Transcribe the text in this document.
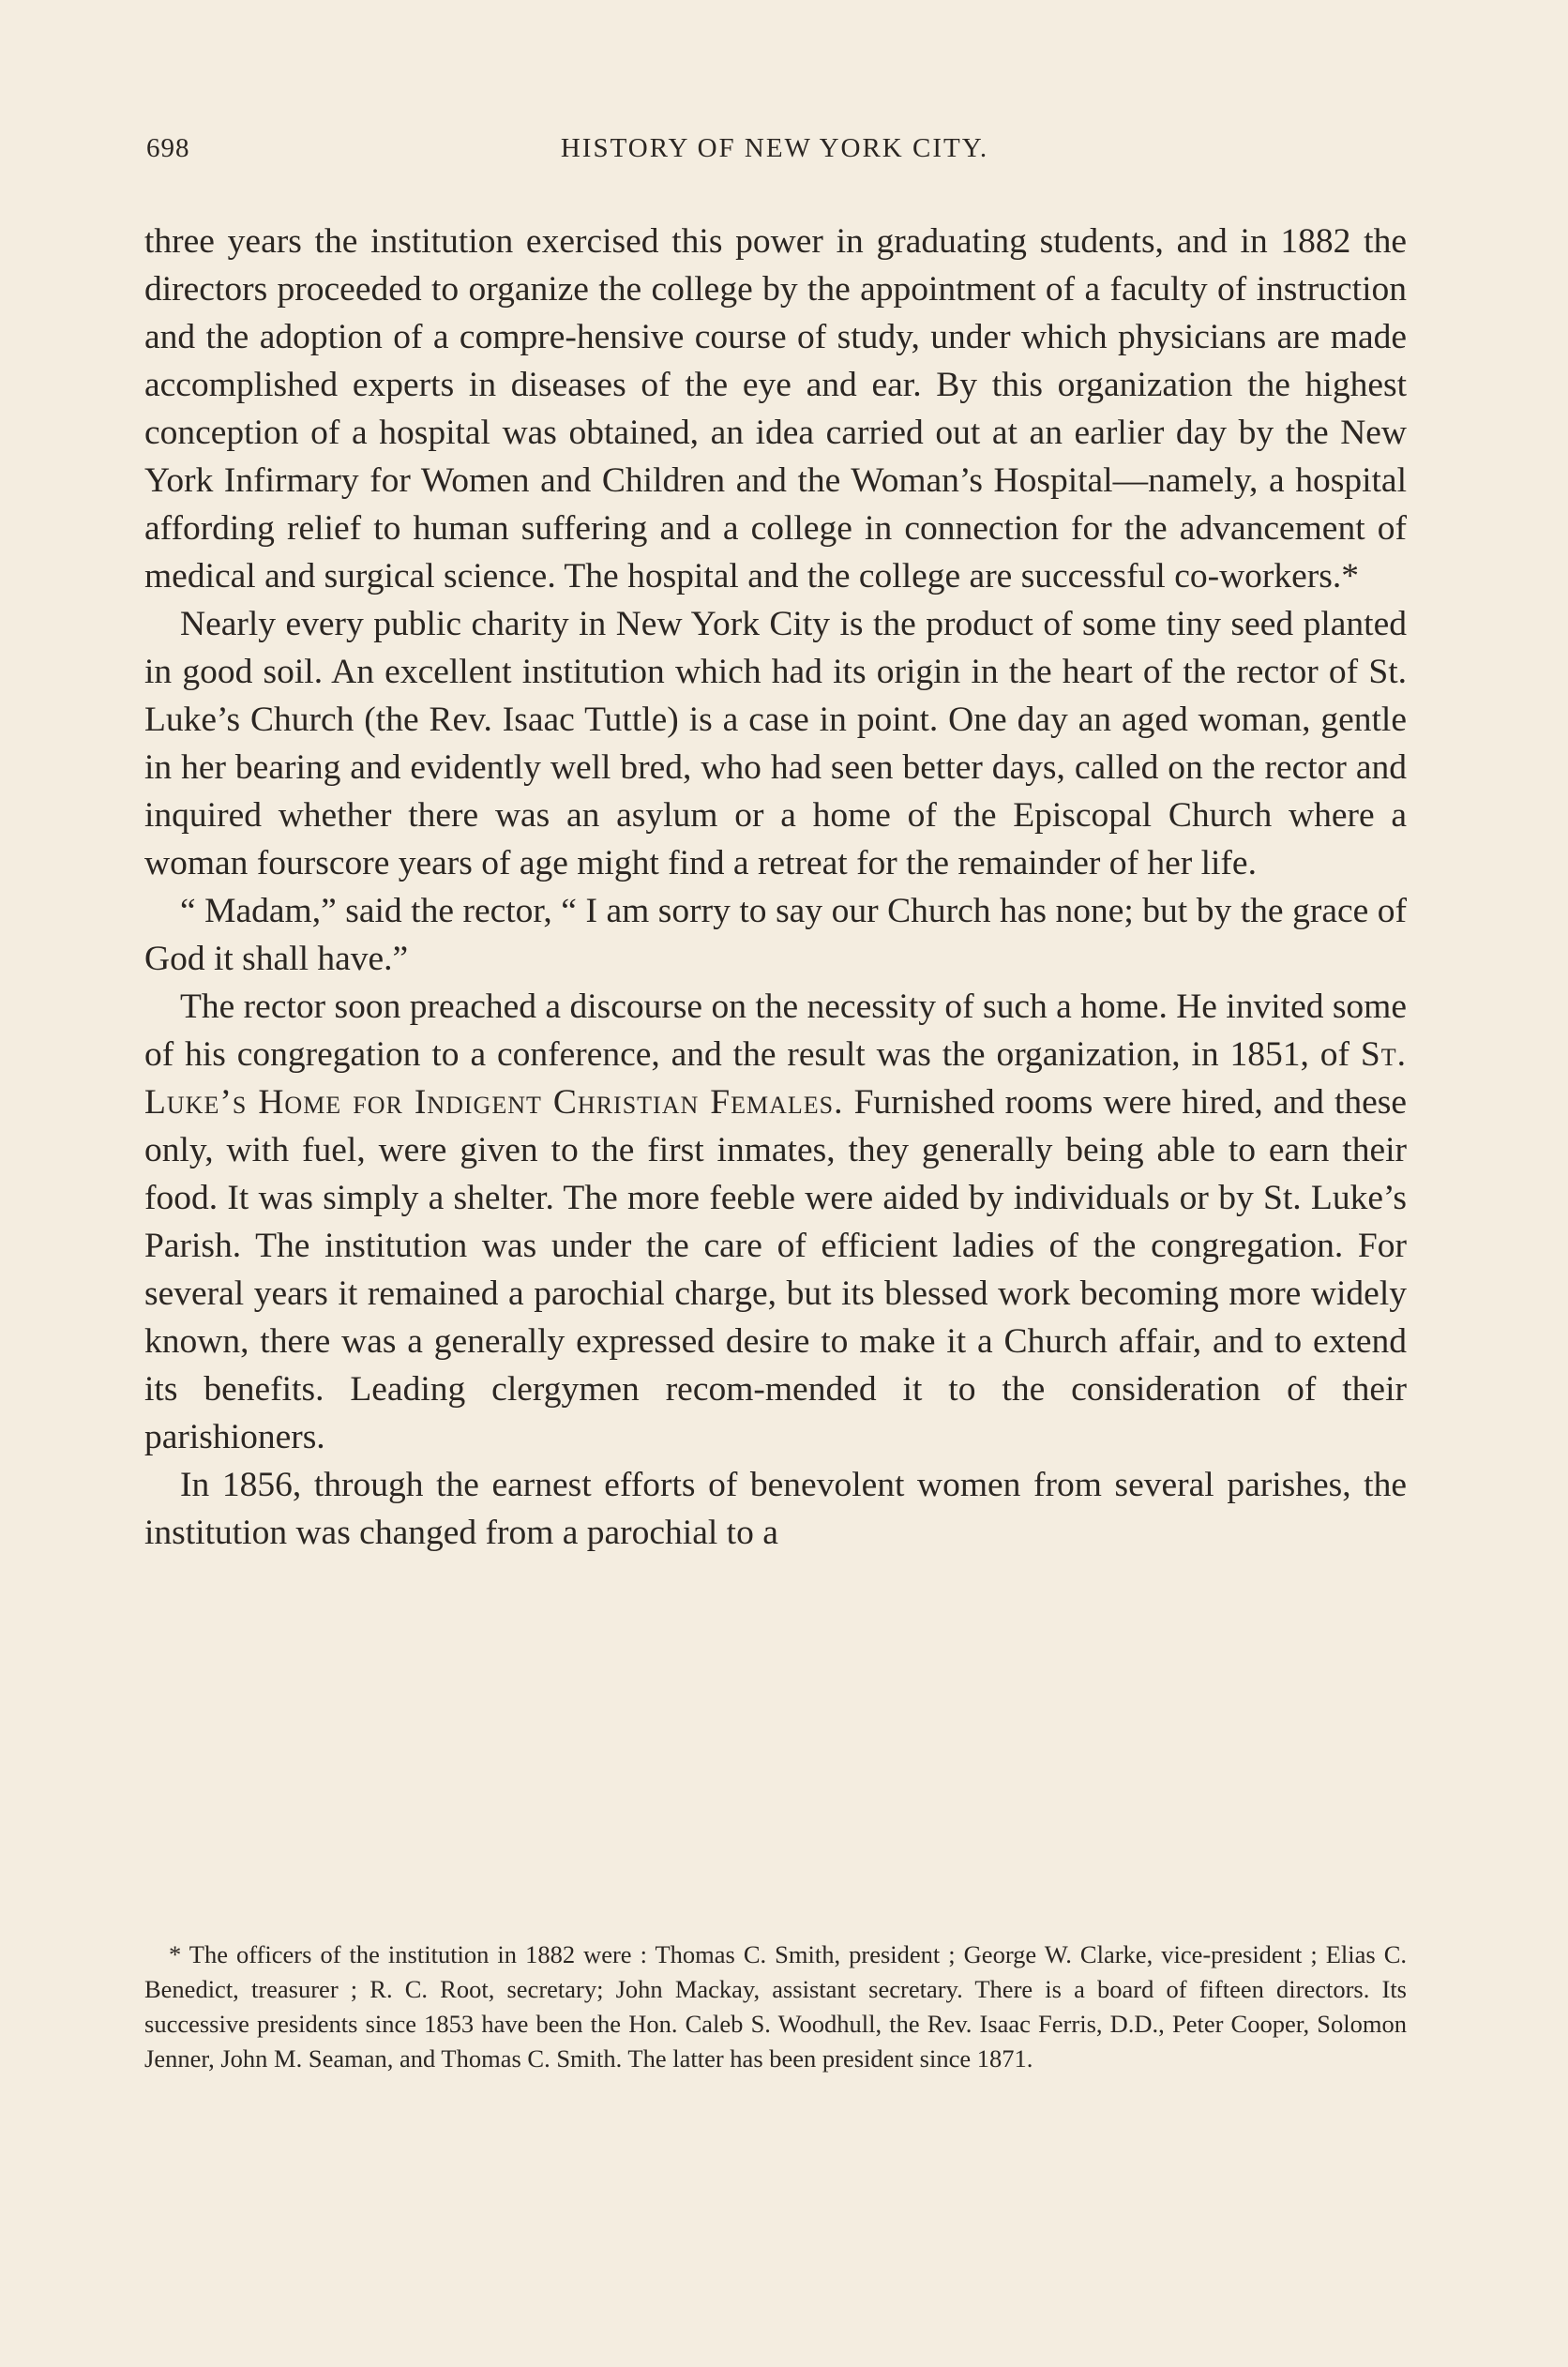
698	HISTORY OF NEW YORK CITY.

three years the institution exercised this power in graduating students, and in 1882 the directors proceeded to organize the college by the appointment of a faculty of instruction and the adoption of a compre-hensive course of study, under which physicians are made accomplished experts in diseases of the eye and ear. By this organization the highest conception of a hospital was obtained, an idea carried out at an earlier day by the New York Infirmary for Women and Children and the Woman’s Hospital—namely, a hospital affording relief to human suffering and a college in connection for the advancement of medical and surgical science. The hospital and the college are successful co-workers.*

Nearly every public charity in New York City is the product of some tiny seed planted in good soil. An excellent institution which had its origin in the heart of the rector of St. Luke’s Church (the Rev. Isaac Tuttle) is a case in point. One day an aged woman, gentle in her bearing and evidently well bred, who had seen better days, called on the rector and inquired whether there was an asylum or a home of the Episcopal Church where a woman fourscore years of age might find a retreat for the remainder of her life.

“ Madam,” said the rector, “ I am sorry to say our Church has none; but by the grace of God it shall have.”

The rector soon preached a discourse on the necessity of such a home. He invited some of his congregation to a conference, and the result was the organization, in 1851, of St. Luke’s Home for Indigent Christian Females. Furnished rooms were hired, and these only, with fuel, were given to the first inmates, they generally being able to earn their food. It was simply a shelter. The more feeble were aided by individuals or by St. Luke’s Parish. The institution was under the care of efficient ladies of the congregation. For several years it remained a parochial charge, but its blessed work becoming more widely known, there was a generally expressed desire to make it a Church affair, and to extend its benefits. Leading clergymen recom-mended it to the consideration of their parishioners.

In 1856, through the earnest efforts of benevolent women from several parishes, the institution was changed from a parochial to a

* The officers of the institution in 1882 were : Thomas C. Smith, president ; George W. Clarke, vice-president ; Elias C. Benedict, treasurer ; R. C. Root, secretary; John Mackay, assistant secretary. There is a board of fifteen directors. Its successive presidents since 1853 have been the Hon. Caleb S. Woodhull, the Rev. Isaac Ferris, D.D., Peter Cooper, Solomon Jenner, John M. Seaman, and Thomas C. Smith. The latter has been president since 1871.
